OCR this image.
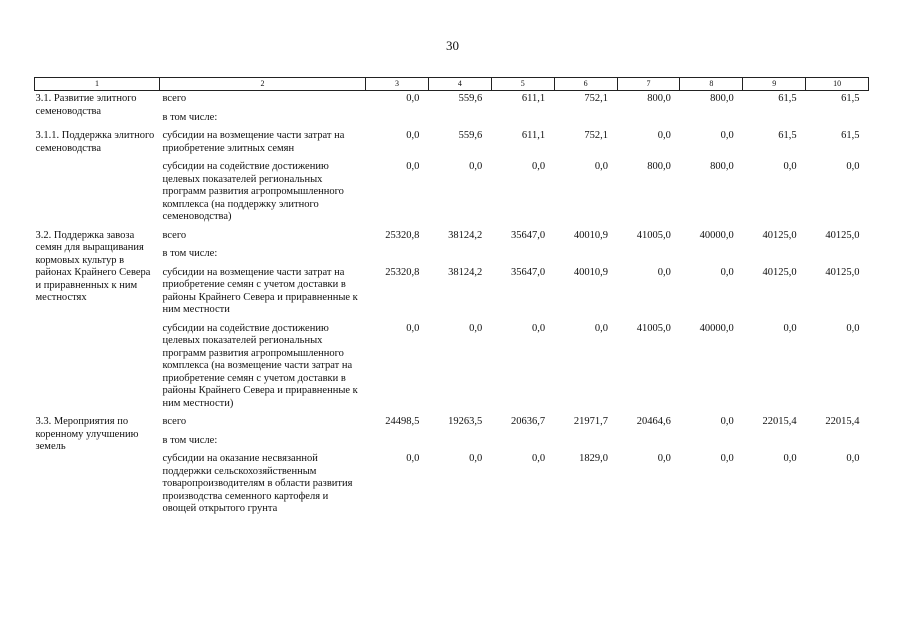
30
1	2	3	4	5	6	7	8	9	10
3.1. Развитие элитного семеноводства	всего	0,0	559,6	611,1	752,1	800,0	800,0	61,5	61,5
	в том числе:								
3.1.1. Поддержка элитного семеноводства	субсидии на возмещение части затрат на приобретение элитных семян	0,0	559,6	611,1	752,1	0,0	0,0	61,5	61,5
	субсидии на содействие достижению целевых показателей региональных программ развития агропромышленного комплекса (на поддержку элитного семеноводства)	0,0	0,0	0,0	0,0	800,0	800,0	0,0	0,0
3.2. Поддержка завоза семян для выращивания кормовых культур в районах Крайнего Севера и приравненных к ним местностях	всего	25320,8	38124,2	35647,0	40010,9	41005,0	40000,0	40125,0	40125,0
	в том числе:								
	субсидии на возмещение части затрат на приобретение семян с учетом доставки в районы Крайнего Севера и приравненные к ним местности	25320,8	38124,2	35647,0	40010,9	0,0	0,0	40125,0	40125,0
	субсидии на содействие достижению целевых показателей региональных программ развития агропромышленного комплекса (на возмещение части затрат на приобретение семян с учетом доставки в районы Крайнего Севера и приравненные к ним местности)	0,0	0,0	0,0	0,0	41005,0	40000,0	0,0	0,0
3.3. Мероприятия по коренному улучшению земель	всего	24498,5	19263,5	20636,7	21971,7	20464,6	0,0	22015,4	22015,4
	в том числе:								
	субсидии на оказание несвязанной поддержки сельскохозяйственным товаропроизводителям в области развития производства семенного картофеля и овощей открытого грунта	0,0	0,0	0,0	1829,0	0,0	0,0	0,0	0,0
